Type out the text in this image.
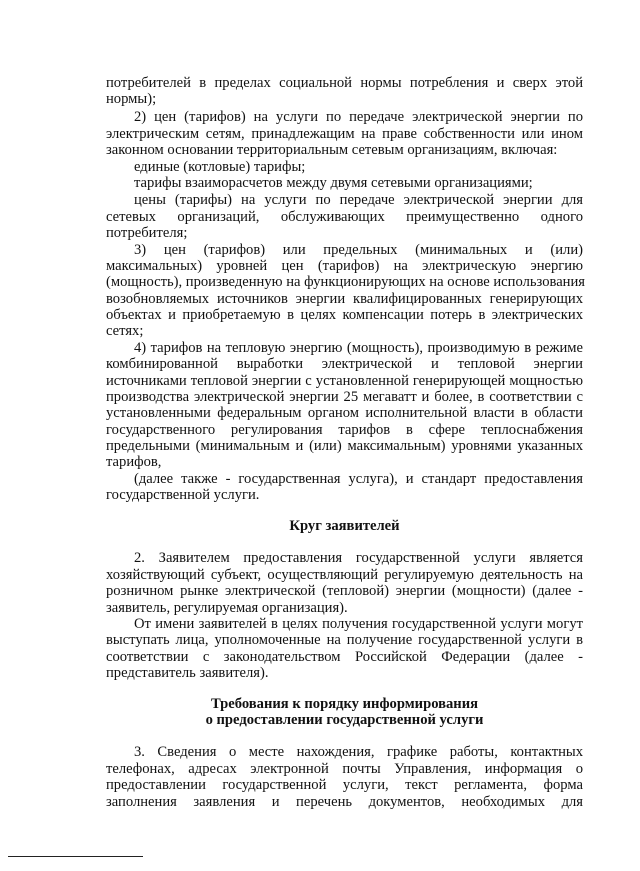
потребителей в пределах социальной нормы потребления и сверх этой
нормы);
2) цен (тарифов) на услуги по передаче электрической энергии по
электрическим сетям, принадлежащим на праве собственности или ином
законном основании территориальным сетевым организациям, включая:
единые (котловые) тарифы;
тарифы взаиморасчетов между двумя сетевыми организациями;
цены (тарифы) на услуги по передаче электрической энергии для
сетевых организаций, обслуживающих преимущественно одного
потребителя;
3) цен (тарифов) или предельных (минимальных и (или)
максимальных) уровней цен (тарифов) на электрическую энергию
(мощность), произведенную на функционирующих на основе использования
возобновляемых источников энергии квалифицированных генерирующих
объектах и приобретаемую в целях компенсации потерь в электрических
сетях;
4) тарифов на тепловую энергию (мощность), производимую в режиме
комбинированной выработки электрической и тепловой энергии
источниками тепловой энергии с установленной генерирующей мощностью
производства электрической энергии 25 мегаватт и более, в соответствии с
установленными федеральным органом исполнительной власти в области
государственного регулирования тарифов в сфере теплоснабжения
предельными (минимальным и (или) максимальным) уровнями указанных
тарифов,
(далее также - государственная услуга), и стандарт предоставления
государственной услуги.
Круг заявителей
2. Заявителем предоставления государственной услуги является
хозяйствующий субъект, осуществляющий регулируемую деятельность на
розничном рынке электрической (тепловой) энергии (мощности) (далее -
заявитель, регулируемая организация).
От имени заявителей в целях получения государственной услуги могут
выступать лица, уполномоченные на получение государственной услуги в
соответствии с законодательством Российской Федерации (далее -
представитель заявителя).
Требования к порядку информирования
о предоставлении государственной услуги
3. Сведения о месте нахождения, графике работы, контактных
телефонах, адресах электронной почты Управления, информация о
предоставлении государственной услуги, текст регламента, форма
заполнения заявления и перечень документов, необходимых для
